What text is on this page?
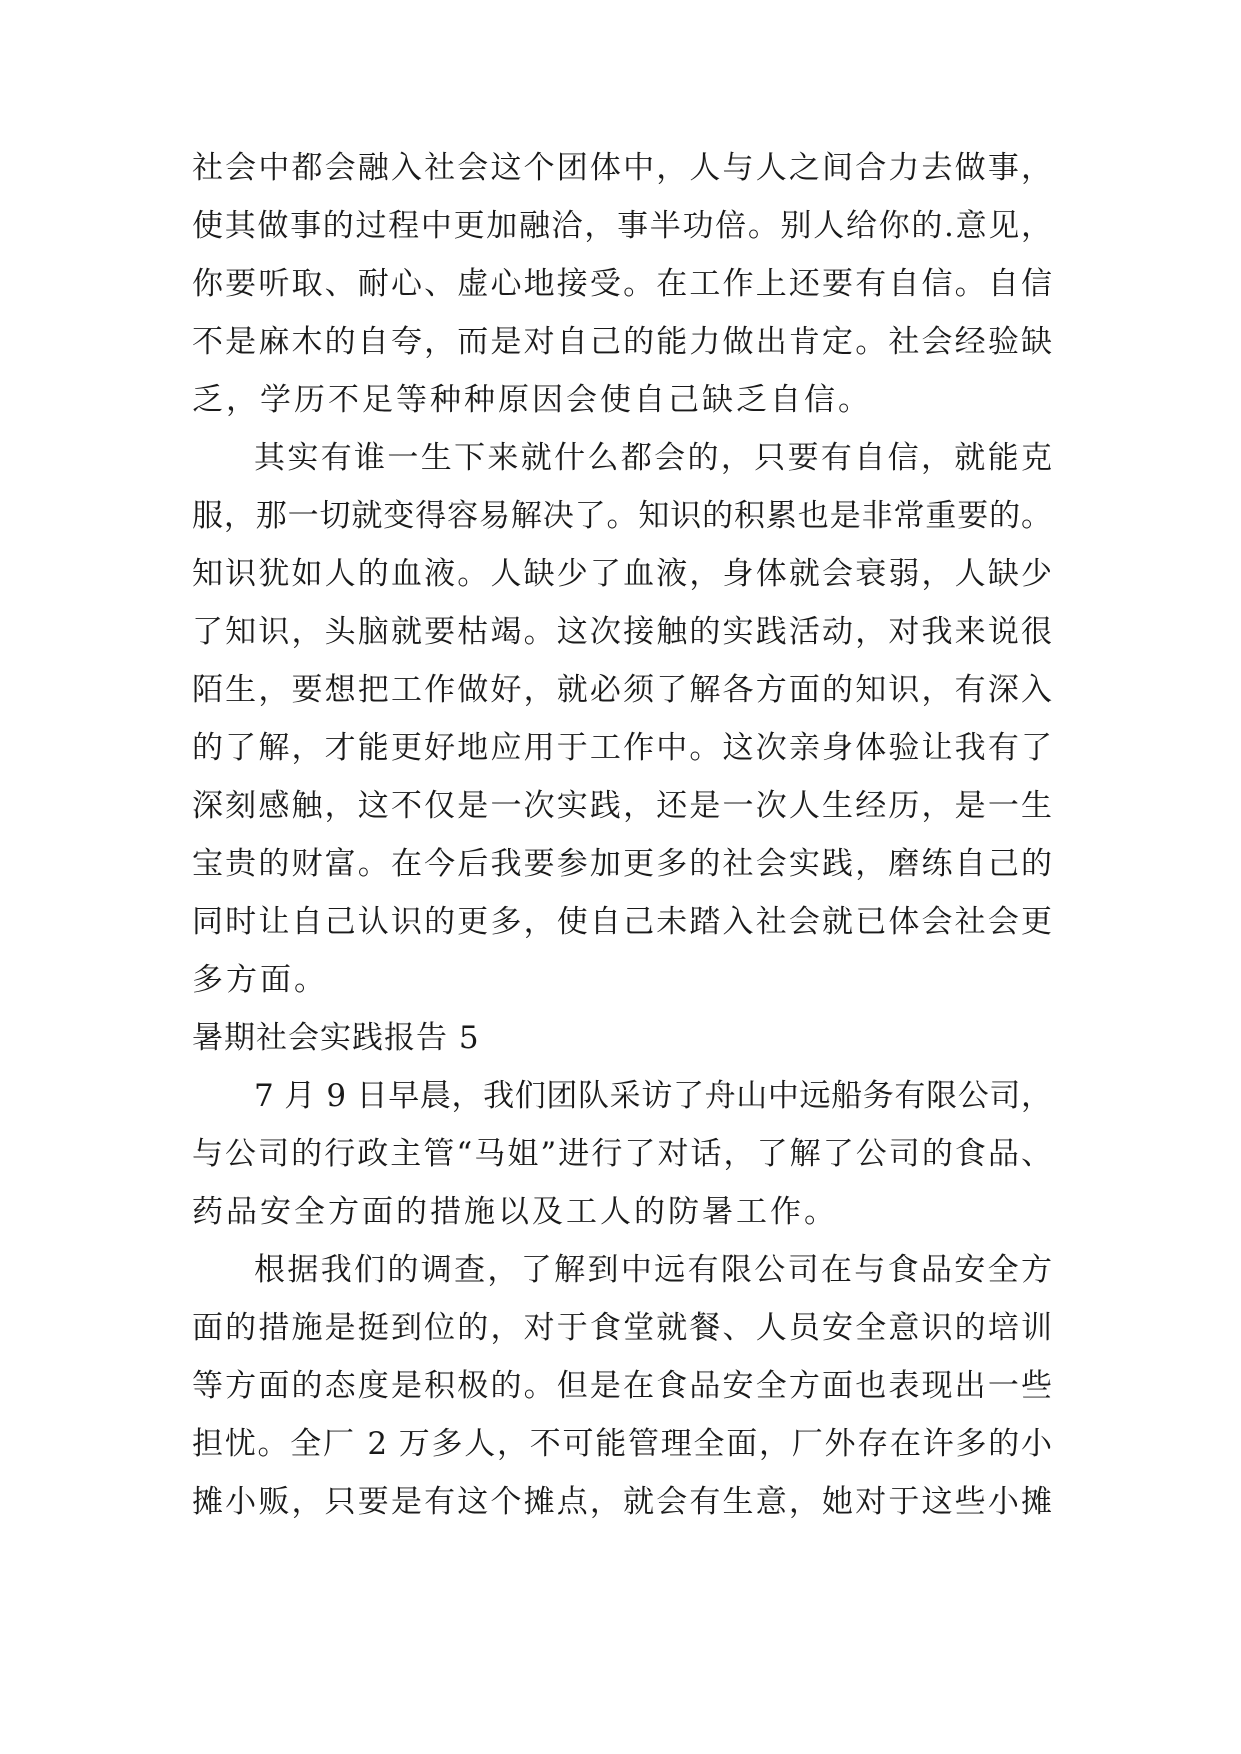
社会中都会融入社会这个团体中，人与人之间合力去做事，
使其做事的过程中更加融洽，事半功倍。别人给你的.意见，
你要听取、耐心、虚心地接受。在工作上还要有自信。自信
不是麻木的自夸，而是对自己的能力做出肯定。社会经验缺
乏，学历不足等种种原因会使自己缺乏自信。
其实有谁一生下来就什么都会的，只要有自信，就能克
服，那一切就变得容易解决了。知识的积累也是非常重要的。
知识犹如人的血液。人缺少了血液，身体就会衰弱，人缺少
了知识，头脑就要枯竭。这次接触的实践活动，对我来说很
陌生，要想把工作做好，就必须了解各方面的知识，有深入
的了解，才能更好地应用于工作中。这次亲身体验让我有了
深刻感触，这不仅是一次实践，还是一次人生经历，是一生
宝贵的财富。在今后我要参加更多的社会实践，磨练自己的
同时让自己认识的更多，使自己未踏入社会就已体会社会更
多方面。
暑期社会实践报告 5
7 月 9 日早晨，我们团队采访了舟山中远船务有限公司，
与公司的行政主管“马姐”进行了对话，了解了公司的食品、
药品安全方面的措施以及工人的防暑工作。
根据我们的调查，了解到中远有限公司在与食品安全方
面的措施是挺到位的，对于食堂就餐、人员安全意识的培训
等方面的态度是积极的。但是在食品安全方面也表现出一些
担忧。全厂 2 万多人，不可能管理全面，厂外存在许多的小
摊小贩，只要是有这个摊点，就会有生意，她对于这些小摊
